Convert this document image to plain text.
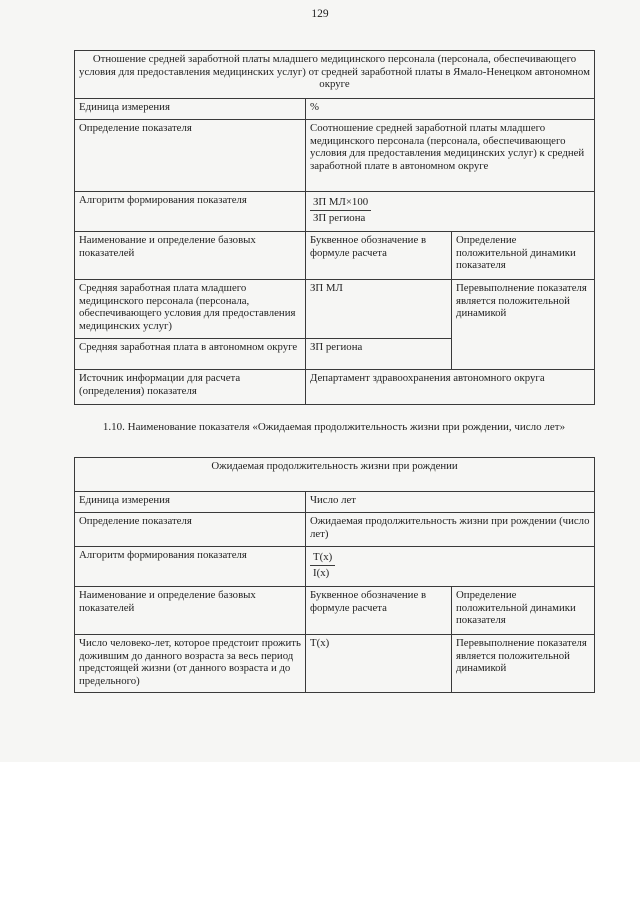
129
Отношение средней заработной платы младшего медицинского персонала (персонала, обеспечивающего условия для предоставления медицинских услуг) от средней заработной платы в Ямало-Ненецком автономном округе		
Единица измерения	%	
Определение показателя	Соотношение средней заработной платы младшего медицинского персонала (персонала, обеспечивающего условия для предоставления медицинских услуг) к средней заработной плате в автономном округе	
Алгоритм формирования показателя	$\frac{\text{ЗП МЛ×100}}{\text{ЗП региона}}$

Наименование и определение базовых показателей	Буквенное обозначение в формуле расчета	Определение положительной динамики показателя
Средняя заработная плата младшего медицинского персонала (персонала, обеспечивающего условия для предоставления медицинских услуг)	ЗП МЛ	Перевыполнение показателя является положительной динамикой
Средняя заработная плата в автономном округе	ЗП региона	
Источник информации для расчета (определения) показателя	Департамент здравоохранения автономного округа	
1.10. Наименование показателя «Ожидаемая продолжительность жизни при рождении, число лет»
Ожидаемая продолжительность жизни при рождении		
Единица измерения	Число лет	
Определение показателя	Ожидаемая продолжительность жизни при рождении (число лет)	
Алгоритм формирования показателя	$\frac{T(x)}{I(x)}$

Наименование и определение базовых показателей	Буквенное обозначение в формуле расчета	Определение положительной динамики показателя
Число человеко-лет, которое предстоит прожить дожившим до данного возраста за весь период предстоящей жизни (от данного возраста и до предельного)	T(x)	Перевыполнение показателя является положительной динамикой
